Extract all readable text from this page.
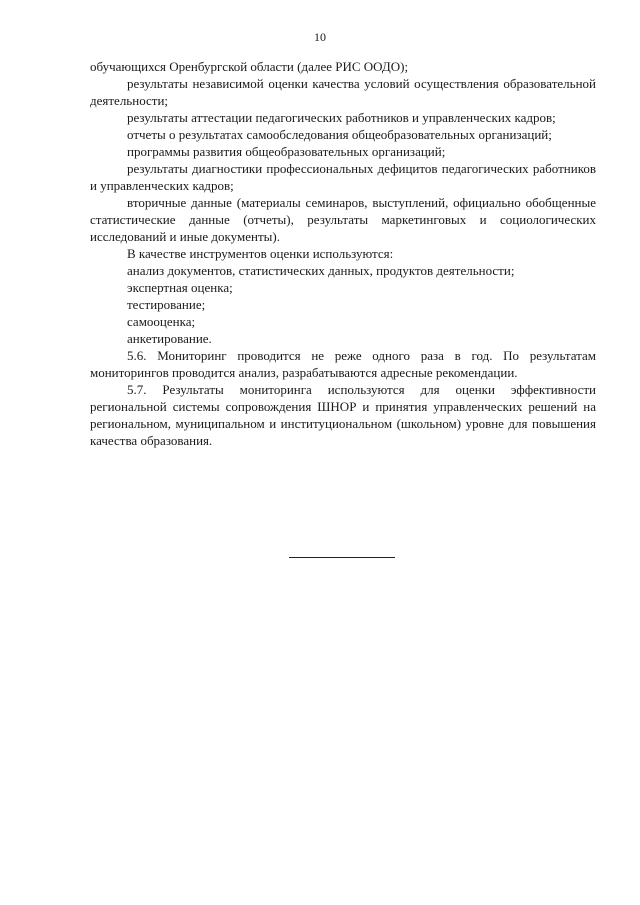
10

обучающихся Оренбургской области (далее РИС ООДО);

результаты независимой оценки качества условий осуществления образовательной деятельности;

результаты аттестации педагогических работников и управленческих кадров;

отчеты о результатах самообследования общеобразовательных организаций;

программы развития общеобразовательных организаций;

результаты диагностики профессиональных дефицитов педагогических работников и управленческих кадров;

вторичные данные (материалы семинаров, выступлений, официально обобщенные статистические данные (отчеты), результаты маркетинговых и социологических исследований и иные документы).

В качестве инструментов оценки используются:

анализ документов, статистических данных, продуктов деятельности;

экспертная оценка;

тестирование;

самооценка;

анкетирование.

5.6. Мониторинг проводится не реже одного раза в год. По результатам мониторингов проводится анализ, разрабатываются адресные рекомендации.

5.7. Результаты мониторинга используются для оценки эффективности региональной системы сопровождения ШНОР и принятия управленческих решений на региональном, муниципальном и институциональном (школьном) уровне для повышения качества образования.
